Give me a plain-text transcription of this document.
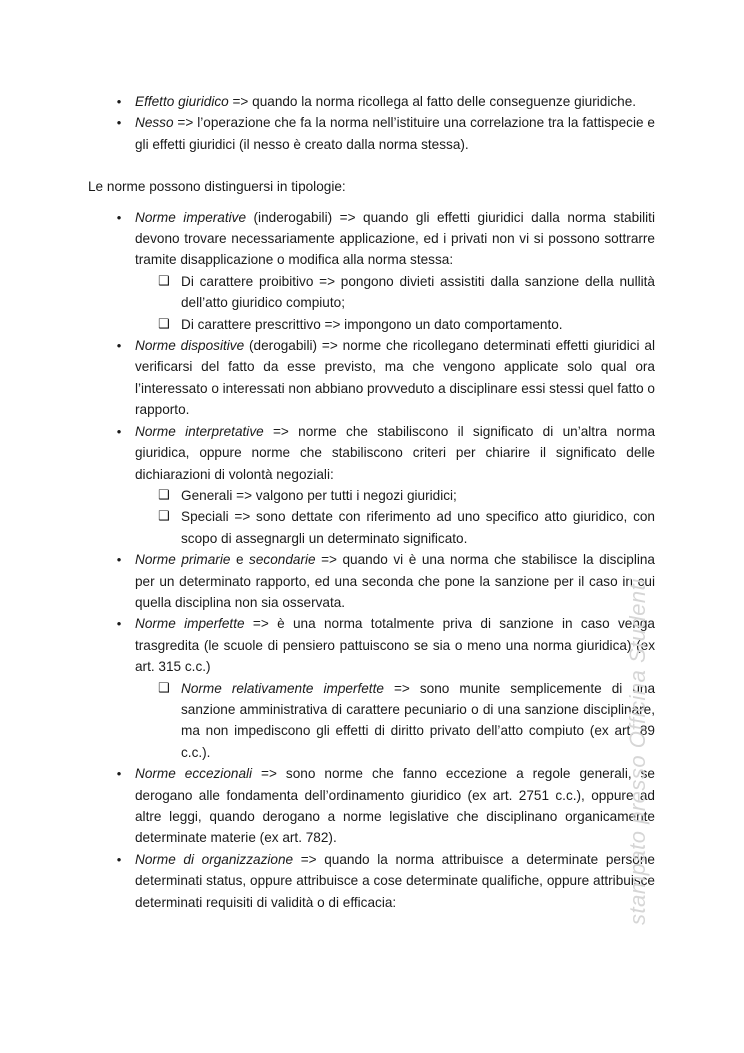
• Effetto giuridico => quando la norma ricollega al fatto delle conseguenze giuridiche.
• Nesso => l’operazione che fa la norma nell’istituire una correlazione tra la fattispecie e gli effetti giuridici (il nesso è creato dalla norma stessa).

Le norme possono distinguersi in tipologie:

• Norme imperative (inderogabili) => quando gli effetti giuridici dalla norma stabiliti devono trovare necessariamente applicazione, ed i privati non vi si possono sottrarre tramite disapplicazione o modifica alla norma stessa:
❑ Di carattere proibitivo => pongono divieti assistiti dalla sanzione della nullità dell’atto giuridico compiuto;
❑ Di carattere prescrittivo => impongono un dato comportamento.
• Norme dispositive (derogabili) => norme che ricollegano determinati effetti giuridici al verificarsi del fatto da esse previsto, ma che vengono applicate solo qual ora l’interessato o interessati non abbiano provveduto a disciplinare essi stessi quel fatto o rapporto.
• Norme interpretative => norme che stabiliscono il significato di un’altra norma giuridica, oppure norme che stabiliscono criteri per chiarire il significato delle dichiarazioni di volontà negoziali:
❑ Generali => valgono per tutti i negozi giuridici;
❑ Speciali => sono dettate con riferimento ad uno specifico atto giuridico, con scopo di assegnargli un determinato significato.
• Norme primarie e secondarie => quando vi è una norma che stabilisce la disciplina per un determinato rapporto, ed una seconda che pone la sanzione per il caso in cui quella disciplina non sia osservata.
• Norme imperfette => è una norma totalmente priva di sanzione in caso venga trasgredita (le scuole di pensiero pattuiscono se sia o meno una norma giuridica) (ex art. 315 c.c.)
❑ Norme relativamente imperfette => sono munite semplicemente di una sanzione amministrativa di carattere pecuniario o di una sanzione disciplinare, ma non impediscono gli effetti di diritto privato dell’atto compiuto (ex art. 89 c.c.).
• Norme eccezionali => sono norme che fanno eccezione a regole generali, se derogano alle fondamenta dell’ordinamento giuridico (ex art. 2751 c.c.), oppure ad altre leggi, quando derogano a norme legislative che disciplinano organicamente determinate materie (ex art. 782).
• Norme di organizzazione => quando la norma attribuisce a determinate persone determinati status, oppure attribuisce a cose determinate qualifiche, oppure attribuisce determinati requisiti di validità o di efficacia:	stampato presso Officina Studenti
